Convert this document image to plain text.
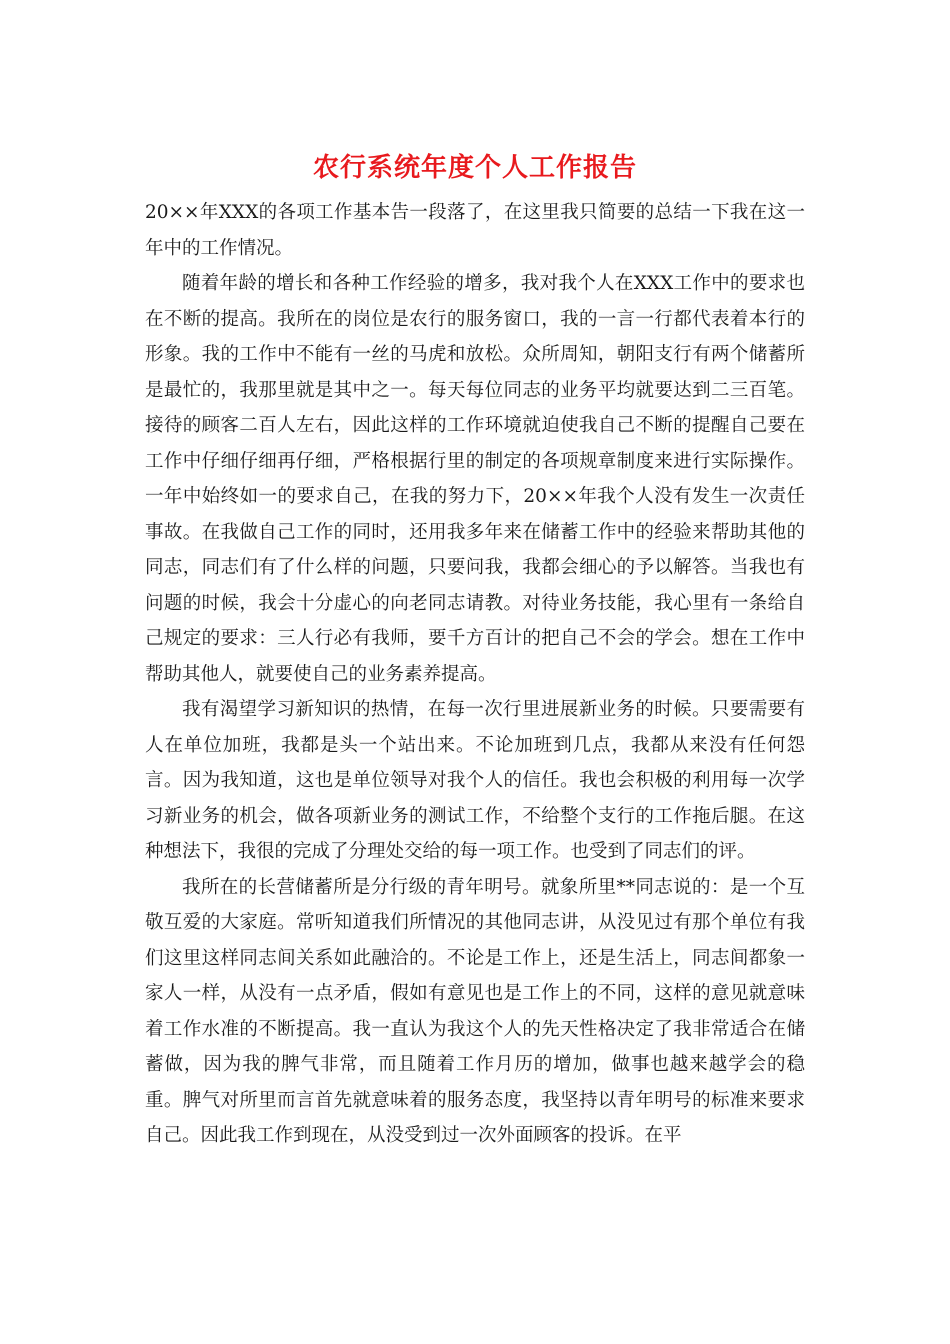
农行系统年度个人工作报告

20××年XXX的各项工作基本告一段落了，在这里我只简要的总结一下我在这一年中的工作情况。

随着年龄的增长和各种工作经验的增多，我对我个人在XXX工作中的要求也在不断的提高。我所在的岗位是农行的服务窗口，我的一言一行都代表着本行的形象。我的工作中不能有一丝的马虎和放松。众所周知，朝阳支行有两个储蓄所是最忙的，我那里就是其中之一。每天每位同志的业务平均就要达到二三百笔。接待的顾客二百人左右，因此这样的工作环境就迫使我自己不断的提醒自己要在工作中仔细仔细再仔细，严格根据行里的制定的各项规章制度来进行实际操作。一年中始终如一的要求自己，在我的努力下，20××年我个人没有发生一次责任事故。在我做自己工作的同时，还用我多年来在储蓄工作中的经验来帮助其他的同志，同志们有了什么样的问题，只要问我，我都会细心的予以解答。当我也有问题的时候，我会十分虚心的向老同志请教。对待业务技能，我心里有一条给自己规定的要求：三人行必有我师，要千方百计的把自己不会的学会。想在工作中帮助其他人，就要使自己的业务素养提高。

我有渴望学习新知识的热情，在每一次行里进展新业务的时候。只要需要有人在单位加班，我都是头一个站出来。不论加班到几点，我都从来没有任何怨言。因为我知道，这也是单位领导对我个人的信任。我也会积极的利用每一次学习新业务的机会，做各项新业务的测试工作，不给整个支行的工作拖后腿。在这种想法下，我很的完成了分理处交给的每一项工作。也受到了同志们的评。

我所在的长营储蓄所是分行级的青年明号。就象所里**同志说的：是一个互敬互爱的大家庭。常听知道我们所情况的其他同志讲，从没见过有那个单位有我们这里这样同志间关系如此融洽的。不论是工作上，还是生活上，同志间都象一家人一样，从没有一点矛盾，假如有意见也是工作上的不同，这样的意见就意味着工作水准的不断提高。我一直认为我这个人的先天性格决定了我非常适合在储蓄做，因为我的脾气非常，而且随着工作月历的增加，做事也越来越学会的稳重。脾气对所里而言首先就意味着的服务态度，我坚持以青年明号的标准来要求自己。因此我工作到现在，从没受到过一次外面顾客的投诉。在平
